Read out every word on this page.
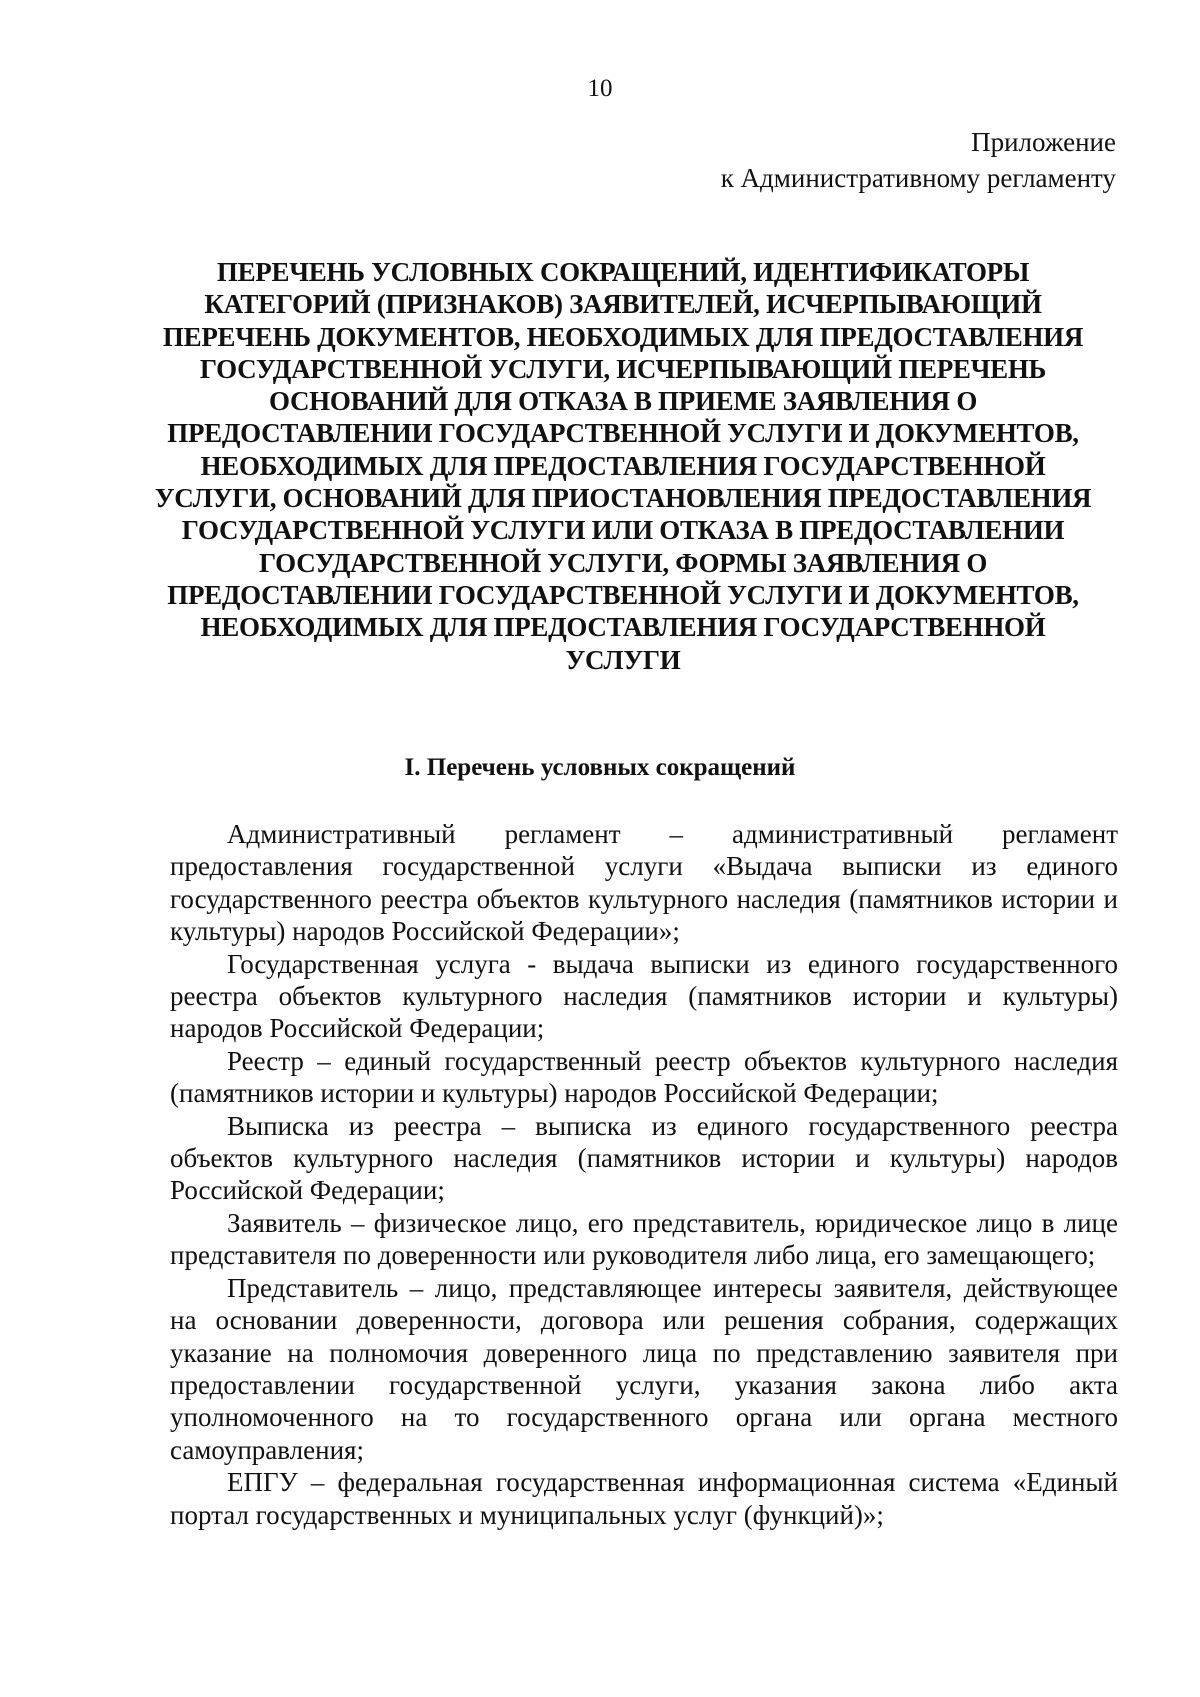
10
Приложение
к Административному регламенту
ПЕРЕЧЕНЬ УСЛОВНЫХ СОКРАЩЕНИЙ, ИДЕНТИФИКАТОРЫ
КАТЕГОРИЙ (ПРИЗНАКОВ) ЗАЯВИТЕЛЕЙ, ИСЧЕРПЫВАЮЩИЙ
ПЕРЕЧЕНЬ ДОКУМЕНТОВ, НЕОБХОДИМЫХ ДЛЯ ПРЕДОСТАВЛЕНИЯ
ГОСУДАРСТВЕННОЙ УСЛУГИ, ИСЧЕРПЫВАЮЩИЙ ПЕРЕЧЕНЬ
ОСНОВАНИЙ ДЛЯ ОТКАЗА В ПРИЕМЕ ЗАЯВЛЕНИЯ О
ПРЕДОСТАВЛЕНИИ ГОСУДАРСТВЕННОЙ УСЛУГИ И ДОКУМЕНТОВ,
НЕОБХОДИМЫХ ДЛЯ ПРЕДОСТАВЛЕНИЯ ГОСУДАРСТВЕННОЙ
УСЛУГИ, ОСНОВАНИЙ ДЛЯ ПРИОСТАНОВЛЕНИЯ ПРЕДОСТАВЛЕНИЯ
ГОСУДАРСТВЕННОЙ УСЛУГИ ИЛИ ОТКАЗА В ПРЕДОСТАВЛЕНИИ
ГОСУДАРСТВЕННОЙ УСЛУГИ, ФОРМЫ ЗАЯВЛЕНИЯ О
ПРЕДОСТАВЛЕНИИ ГОСУДАРСТВЕННОЙ УСЛУГИ И ДОКУМЕНТОВ,
НЕОБХОДИМЫХ ДЛЯ ПРЕДОСТАВЛЕНИЯ ГОСУДАРСТВЕННОЙ
УСЛУГИ
I. Перечень условных сокращений

Административный регламент – административный регламент предоставления государственной услуги «Выдача выписки из единого государственного реестра объектов культурного наследия (памятников истории и культуры) народов Российской Федерации»;

Государственная услуга - выдача выписки из единого государственного реестра объектов культурного наследия (памятников истории и культуры) народов Российской Федерации;

Реестр – единый государственный реестр объектов культурного наследия (памятников истории и культуры) народов Российской Федерации;

Выписка из реестра – выписка из единого государственного реестра объектов культурного наследия (памятников истории и культуры) народов Российской Федерации;

Заявитель – физическое лицо, его представитель, юридическое лицо в лице представителя по доверенности или руководителя либо лица, его замещающего;

Представитель – лицо, представляющее интересы заявителя, действующее на основании доверенности, договора или решения собрания, содержащих указание на полномочия доверенного лица по представлению заявителя при предоставлении государственной услуги, указания закона либо акта уполномоченного на то государственного органа или органа местного самоуправления;

ЕПГУ – федеральная государственная информационная система «Единый портал государственных и муниципальных услуг (функций)»;
